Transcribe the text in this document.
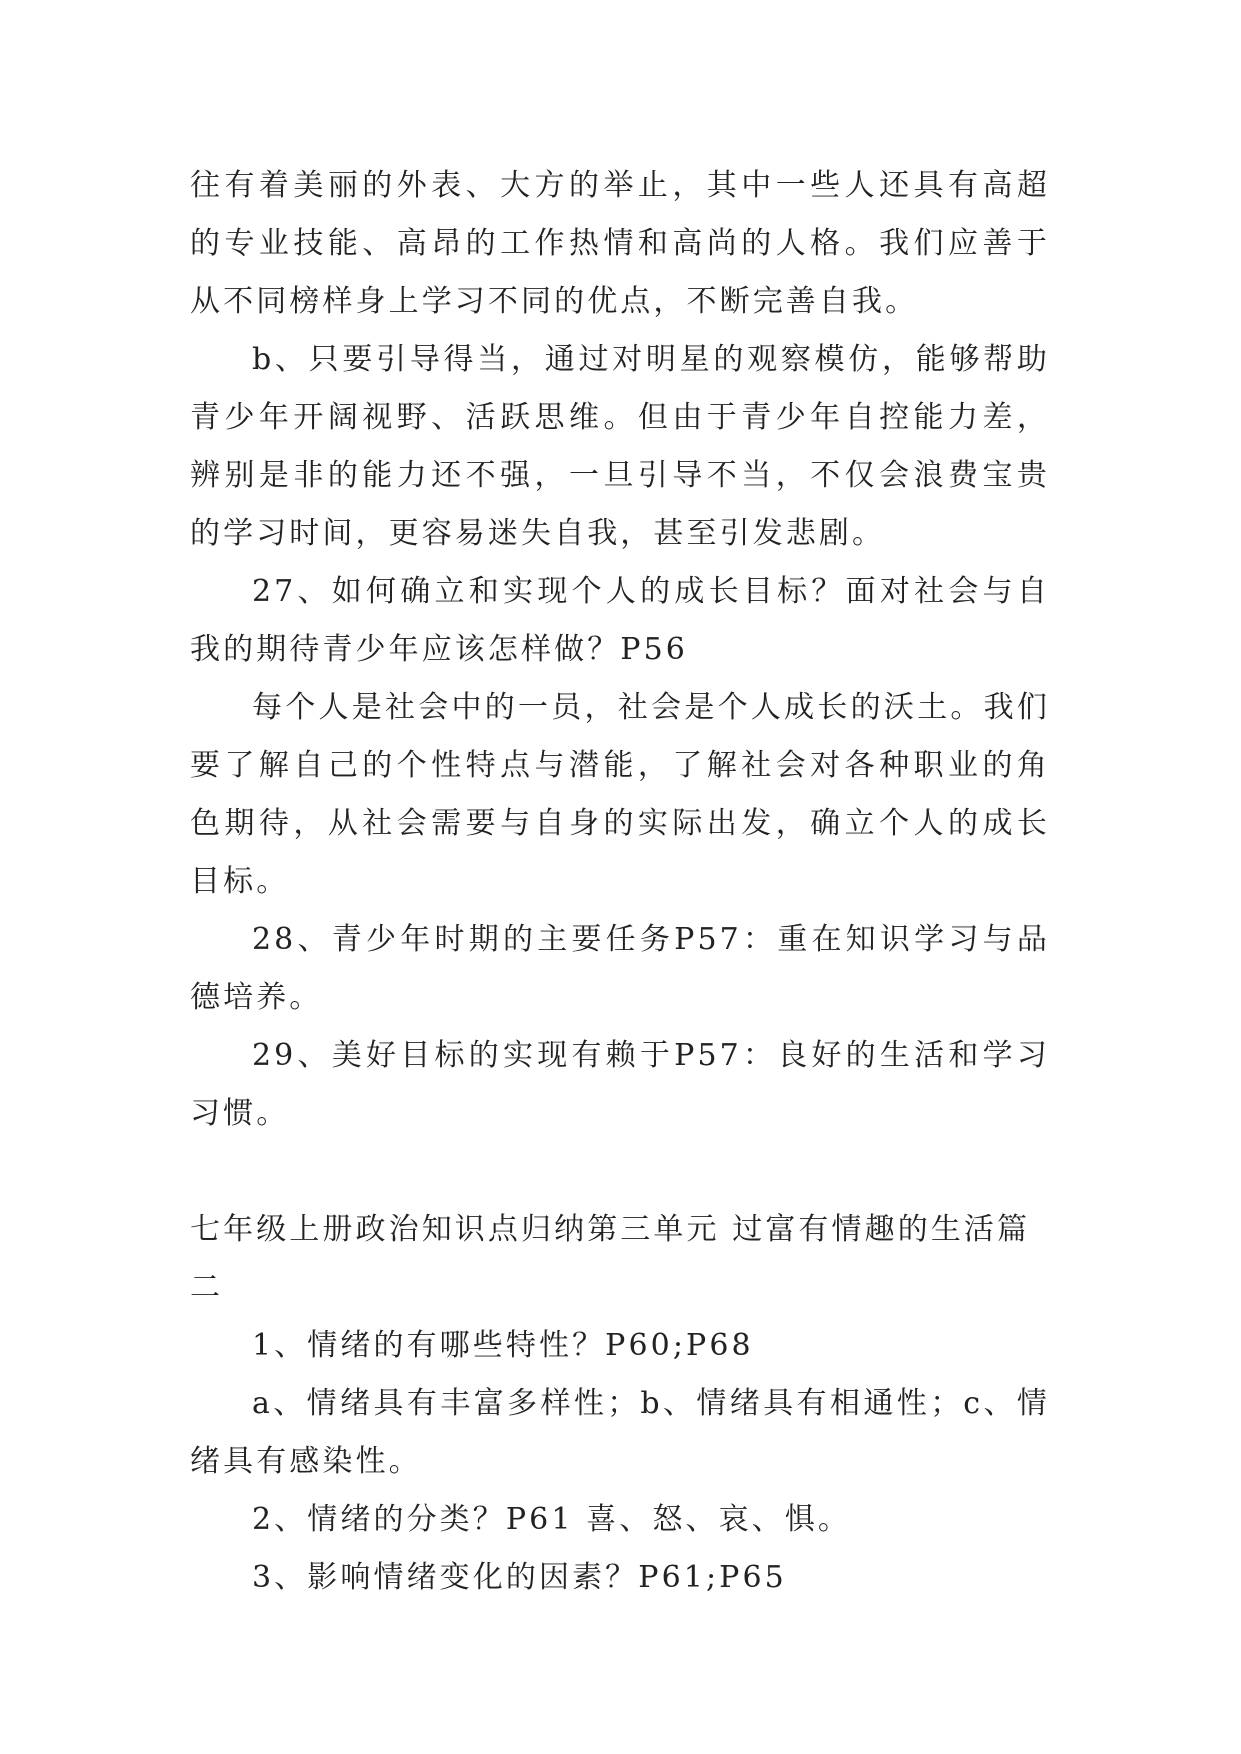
往有着美丽的外表、大方的举止，其中一些人还具有高超的专业技能、高昂的工作热情和高尚的人格。我们应善于从不同榜样身上学习不同的优点，不断完善自我。

b、只要引导得当，通过对明星的观察模仿，能够帮助青少年开阔视野、活跃思维。但由于青少年自控能力差，辨别是非的能力还不强，一旦引导不当，不仅会浪费宝贵的学习时间，更容易迷失自我，甚至引发悲剧。

27、如何确立和实现个人的成长目标？面对社会与自我的期待青少年应该怎样做？P56

每个人是社会中的一员，社会是个人成长的沃土。我们要了解自己的个性特点与潜能，了解社会对各种职业的角色期待，从社会需要与自身的实际出发，确立个人的成长目标。

28、青少年时期的主要任务P57：重在知识学习与品德培养。

29、美好目标的实现有赖于P57：良好的生活和学习习惯。

七年级上册政治知识点归纳第三单元 过富有情趣的生活篇二

1、情绪的有哪些特性？P60;P68

a、情绪具有丰富多样性；b、情绪具有相通性；c、情绪具有感染性。

2、情绪的分类？P61 喜、怒、哀、惧。

3、影响情绪变化的因素？P61;P65
